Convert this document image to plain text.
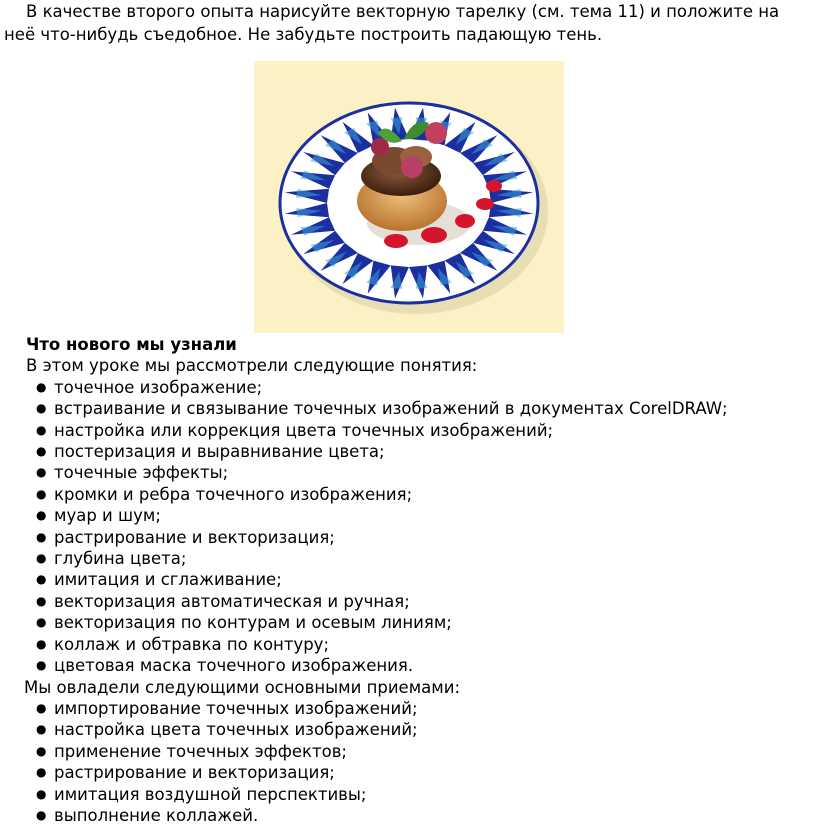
В качестве второго опыта нарисуйте векторную тарелку (см. тема 11) и положите на неё что-нибудь съедобное. Не забудьте построить падающую тень.

Что нового мы узнали

В этом уроке мы рассмотрели следующие понятия:

● точечное изображение;
● встраивание и связывание точечных изображений в документах CorelDRAW;
● настройка или коррекция цвета точечных изображений;
● постеризация и выравнивание цвета;
● точечные эффекты;
● кромки и ребра точечного изображения;
● муар и шум;
● растрирование и векторизация;
● глубина цвета;
● имитация и сглаживание;
● векторизация автоматическая и ручная;
● векторизация по контурам и осевым линиям;
● коллаж и обтравка по контуру;
● цветовая маска точечного изображения.

Мы овладели следующими основными приемами:

● импортирование точечных изображений;
● настройка цвета точечных изображений;
● применение точечных эффектов;
● растрирование и векторизация;
● имитация воздушной перспективы;
● выполнение коллажей.
